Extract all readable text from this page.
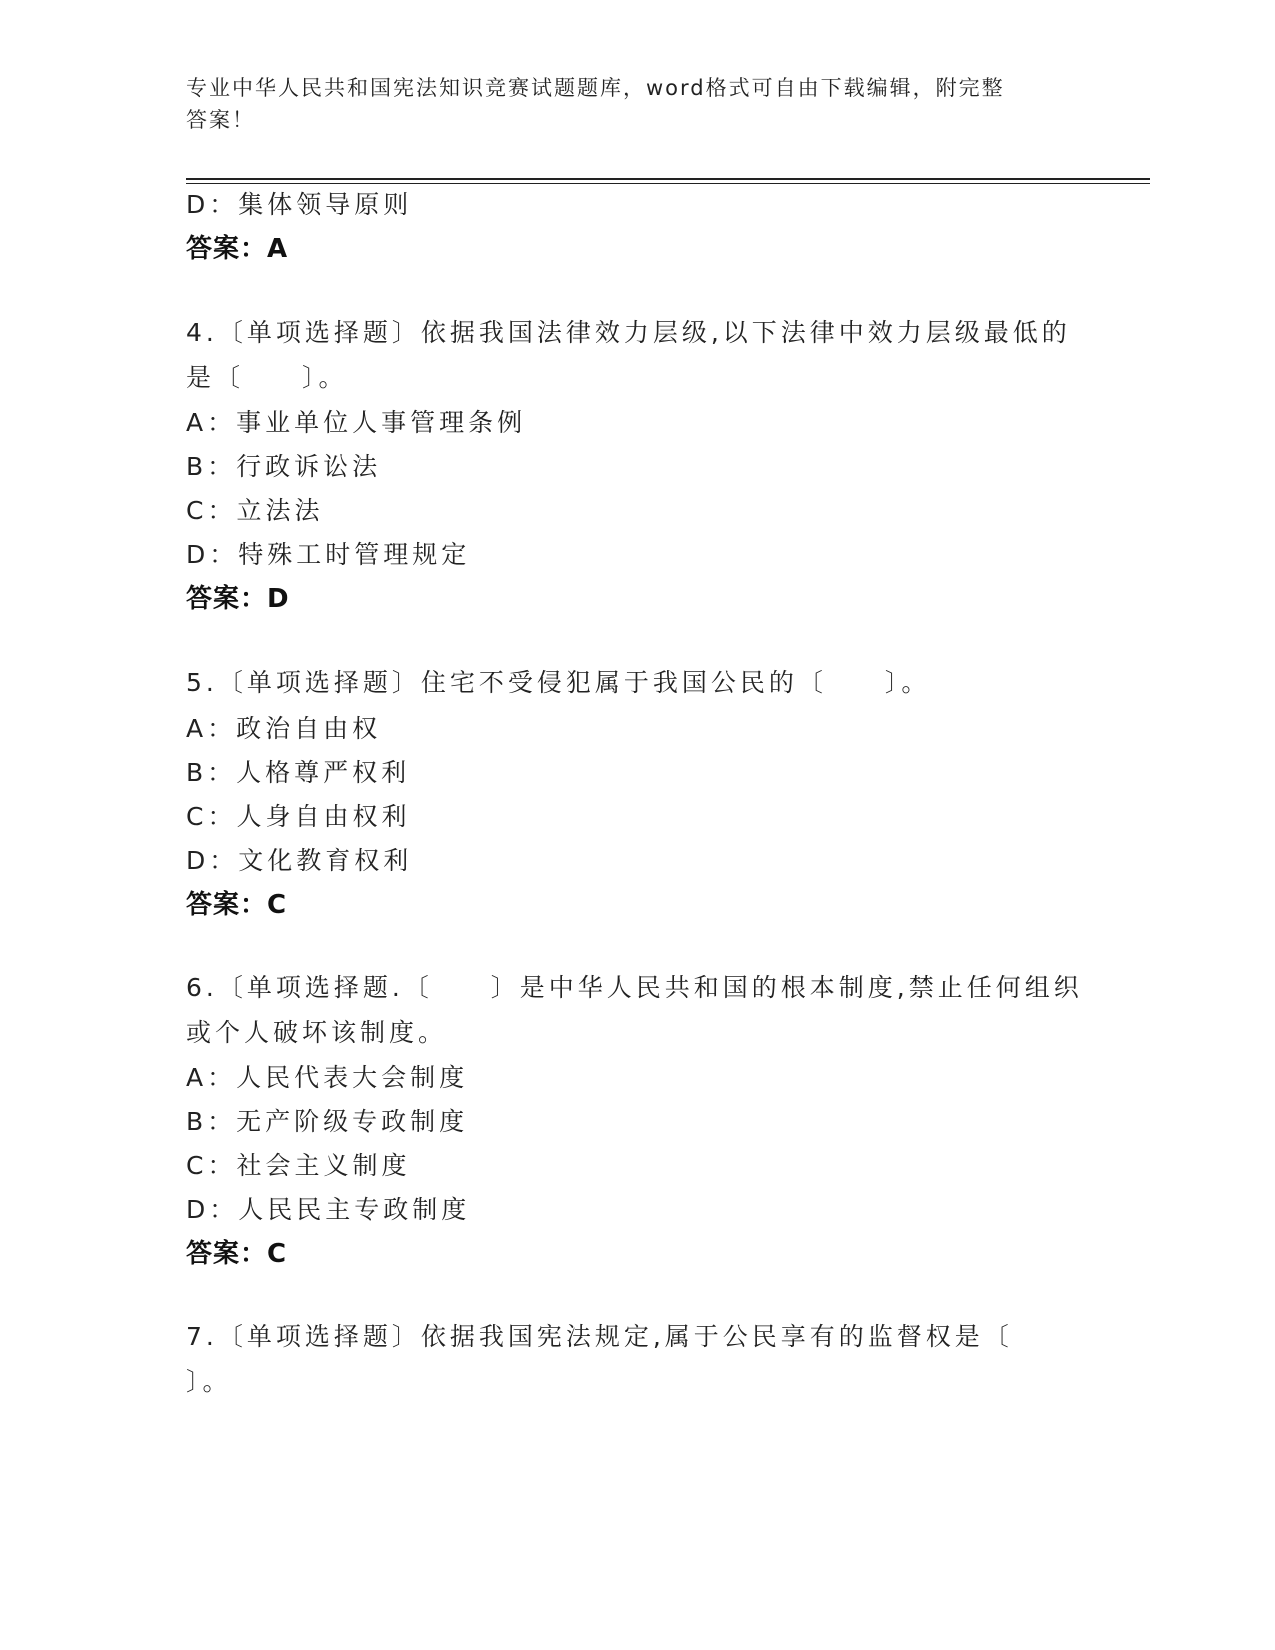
专业中华人民共和国宪法知识竞赛试题题库，word格式可自由下载编辑，附完整
答案！
D：集体领导原则
答案：A
4.〔单项选择题〕依据我国法律效力层级,以下法律中效力层级最低的
是〔　　〕。
A：事业单位人事管理条例
B：行政诉讼法
C：立法法
D：特殊工时管理规定
答案：D
5.〔单项选择题〕住宅不受侵犯属于我国公民的〔　　〕。
A：政治自由权
B：人格尊严权利
C：人身自由权利
D：文化教育权利
答案：C
6.〔单项选择题.〔　　〕是中华人民共和国的根本制度,禁止任何组织
或个人破坏该制度。
A：人民代表大会制度
B：无产阶级专政制度
C：社会主义制度
D：人民民主专政制度
答案：C
7.〔单项选择题〕依据我国宪法规定,属于公民享有的监督权是〔
〕。
